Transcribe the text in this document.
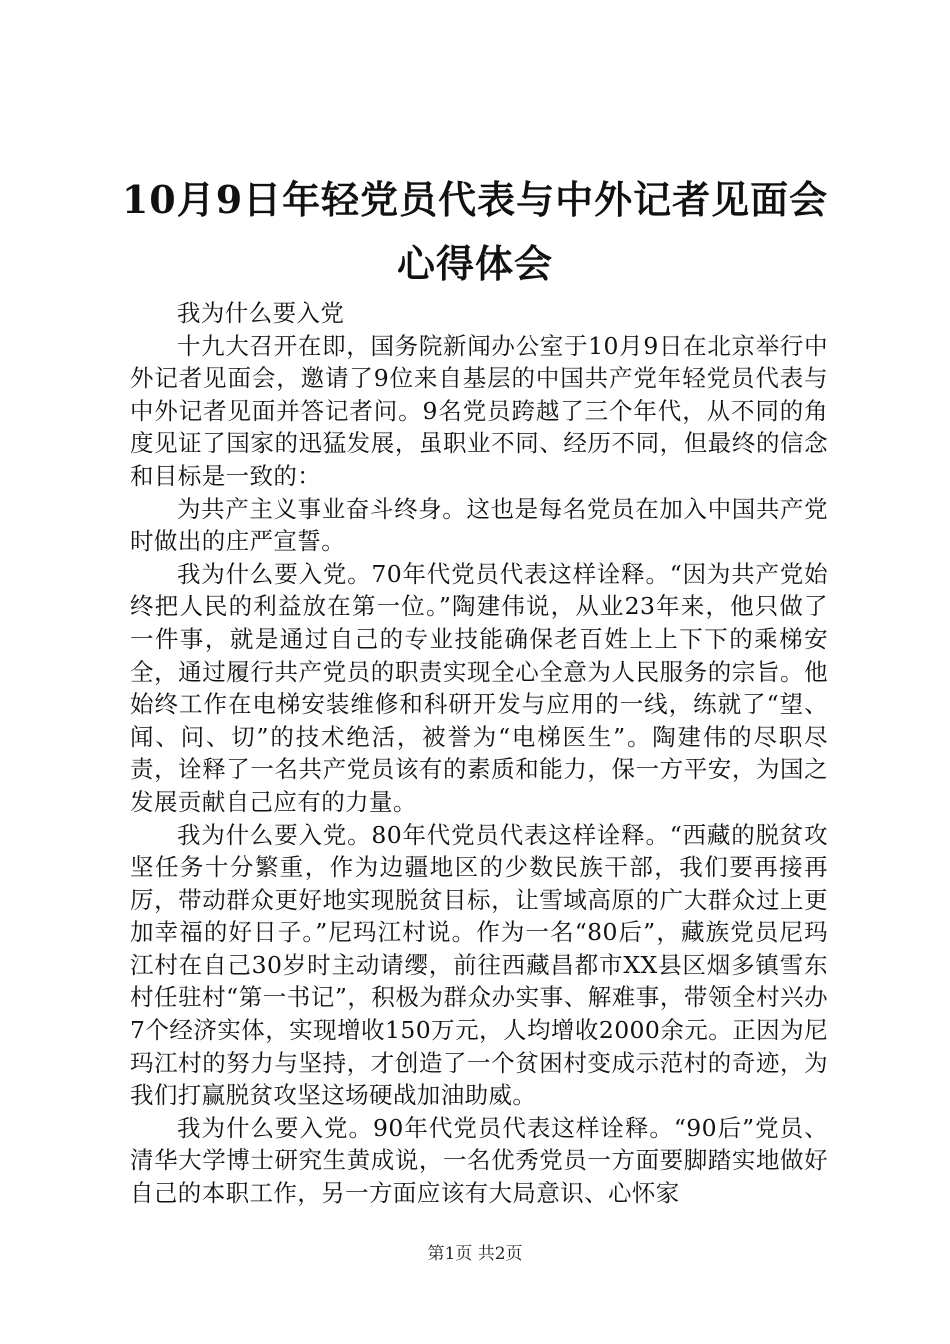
10月9日年轻党员代表与中外记者见面会心得体会

我为什么要入党

十九大召开在即，国务院新闻办公室于10月9日在北京举行中外记者见面会，邀请了9位来自基层的中国共产党年轻党员代表与中外记者见面并答记者问。9名党员跨越了三个年代，从不同的角度见证了国家的迅猛发展，虽职业不同、经历不同，但最终的信念和目标是一致的：

为共产主义事业奋斗终身。这也是每名党员在加入中国共产党时做出的庄严宣誓。

我为什么要入党。70年代党员代表这样诠释。“因为共产党始终把人民的利益放在第一位。”陶建伟说，从业23年来，他只做了一件事，就是通过自己的专业技能确保老百姓上上下下的乘梯安全，通过履行共产党员的职责实现全心全意为人民服务的宗旨。他始终工作在电梯安装维修和科研开发与应用的一线，练就了“望、闻、问、切”的技术绝活，被誉为“电梯医生”。陶建伟的尽职尽责，诠释了一名共产党员该有的素质和能力，保一方平安，为国之发展贡献自己应有的力量。

我为什么要入党。80年代党员代表这样诠释。“西藏的脱贫攻坚任务十分繁重，作为边疆地区的少数民族干部，我们要再接再厉，带动群众更好地实现脱贫目标，让雪域高原的广大群众过上更加幸福的好日子。”尼玛江村说。作为一名“80后”，藏族党员尼玛江村在自己30岁时主动请缨，前往西藏昌都市XX县区烟多镇雪东村任驻村“第一书记”，积极为群众办实事、解难事，带领全村兴办7个经济实体，实现增收150万元，人均增收2000余元。正因为尼玛江村的努力与坚持，才创造了一个贫困村变成示范村的奇迹，为我们打赢脱贫攻坚这场硬战加油助威。

我为什么要入党。90年代党员代表这样诠释。“90后”党员、清华大学博士研究生黄成说，一名优秀党员一方面要脚踏实地做好自己的本职工作，另一方面应该有大局意识、心怀家

第1页 共2页
